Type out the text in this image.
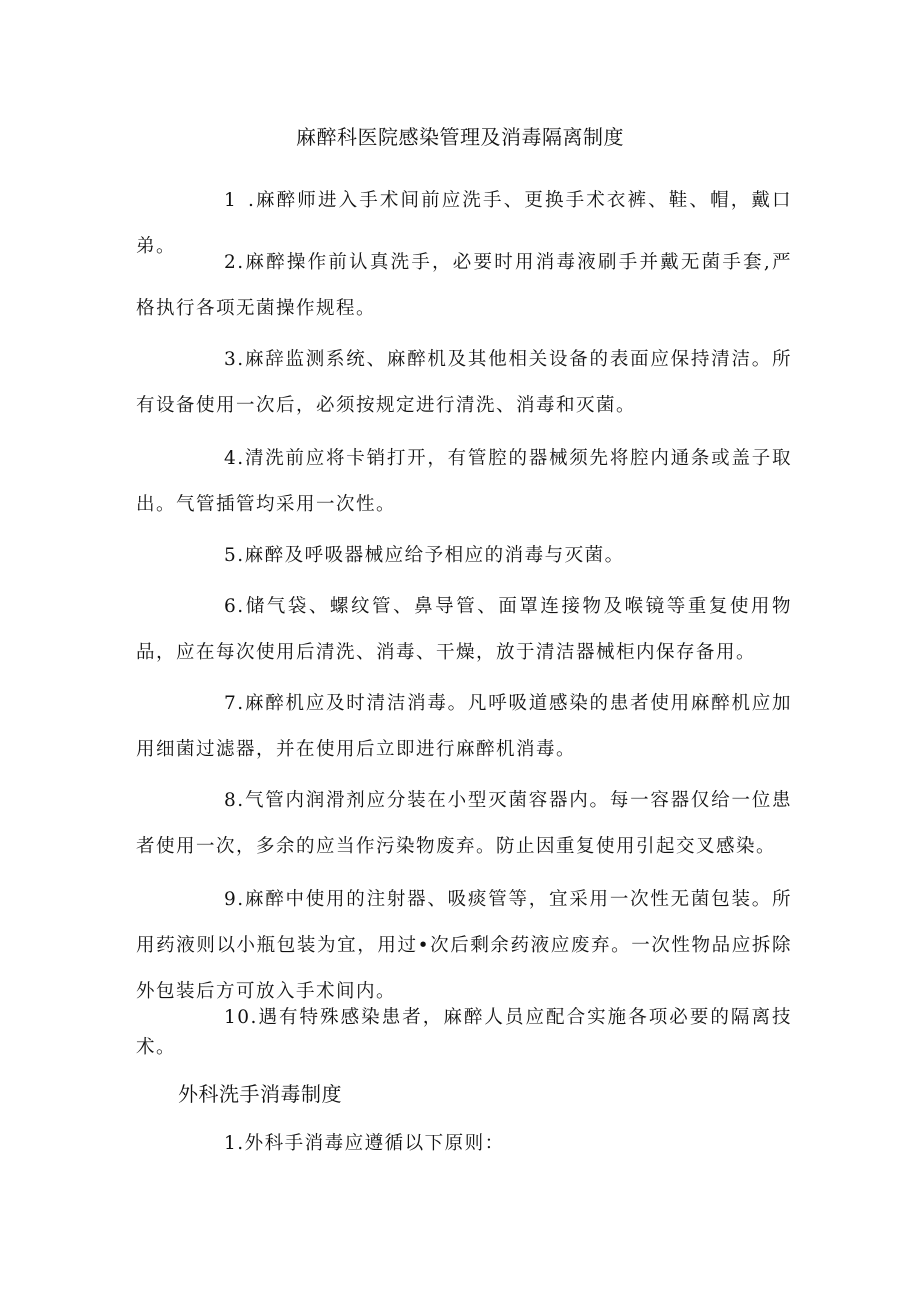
麻醉科医院感染管理及消毒隔离制度
1 .麻醉师进入手术间前应洗手、更换手术衣裤、鞋、帽，戴口弟。
2.麻醉操作前认真洗手，必要时用消毒液刷手并戴无菌手套,严格执行各项无菌操作规程。
3.麻辞监测系统、麻醉机及其他相关设备的表面应保持清洁。所有设备使用一次后，必须按规定进行清洗、消毒和灭菌。
4.清洗前应将卡销打开，有管腔的器械须先将腔内通条或盖子取出。气管插管均采用一次性。
5.麻醉及呼吸器械应给予相应的消毒与灭菌。
6.储气袋、螺纹管、鼻导管、面罩连接物及喉镜等重复使用物品，应在每次使用后清洗、消毒、干燥，放于清洁器械柜内保存备用。
7.麻醉机应及时清洁消毒。凡呼吸道感染的患者使用麻醉机应加用细菌过滤器，并在使用后立即进行麻醉机消毒。
8.气管内润滑剂应分装在小型灭菌容器内。每一容器仅给一位患者使用一次，多余的应当作污染物废弃。防止因重复使用引起交叉感染。
9.麻醉中使用的注射器、吸痰管等，宜采用一次性无菌包装。所用药液则以小瓶包装为宜，用过•次后剩余药液应废弃。一次性物品应拆除外包装后方可放入手术间内。
10.遇有特殊感染患者，麻醉人员应配合实施各项必要的隔离技术。
外科洗手消毒制度
1.外科手消毒应遵循以下原则：
